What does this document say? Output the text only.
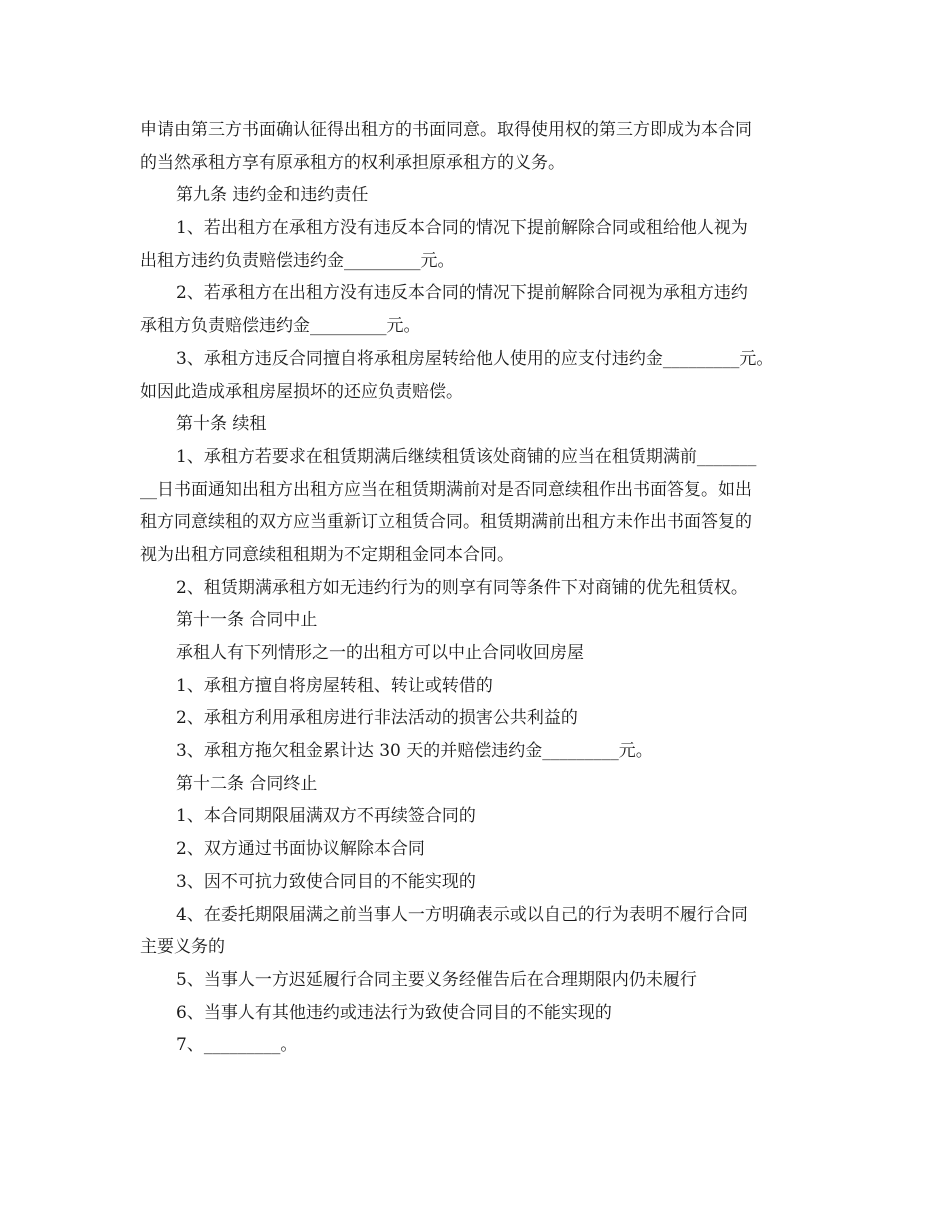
申请由第三方书面确认征得出租方的书面同意。取得使用权的第三方即成为本合同
的当然承租方享有原承租方的权利承担原承租方的义务。
第九条 违约金和违约责任
1、若出租方在承租方没有违反本合同的情况下提前解除合同或租给他人视为
出租方违约负责赔偿违约金_________元。
2、若承租方在出租方没有违反本合同的情况下提前解除合同视为承租方违约
承租方负责赔偿违约金_________元。
3、承租方违反合同擅自将承租房屋转给他人使用的应支付违约金_________元。
如因此造成承租房屋损坏的还应负责赔偿。
第十条 续租
1、承租方若要求在租赁期满后继续租赁该处商铺的应当在租赁期满前_______
__日书面通知出租方出租方应当在租赁期满前对是否同意续租作出书面答复。如出
租方同意续租的双方应当重新订立租赁合同。租赁期满前出租方未作出书面答复的
视为出租方同意续租租期为不定期租金同本合同。
2、租赁期满承租方如无违约行为的则享有同等条件下对商铺的优先租赁权。
第十一条 合同中止
承租人有下列情形之一的出租方可以中止合同收回房屋
1、承租方擅自将房屋转租、转让或转借的
2、承租方利用承租房进行非法活动的损害公共利益的
3、承租方拖欠租金累计达 30 天的并赔偿违约金_________元。
第十二条 合同终止
1、本合同期限届满双方不再续签合同的
2、双方通过书面协议解除本合同
3、因不可抗力致使合同目的不能实现的
4、在委托期限届满之前当事人一方明确表示或以自己的行为表明不履行合同
主要义务的
5、当事人一方迟延履行合同主要义务经催告后在合理期限内仍未履行
6、当事人有其他违约或违法行为致使合同目的不能实现的
7、_________。
